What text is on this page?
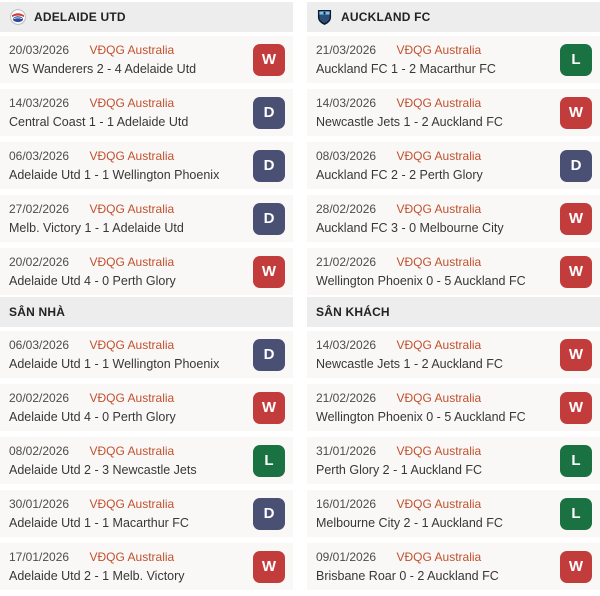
ADELAIDE UTD
20/03/2026 VĐQG Australia
WS Wanderers 2 - 4 Adelaide Utd
W
14/03/2026 VĐQG Australia
Central Coast 1 - 1 Adelaide Utd
D
06/03/2026 VĐQG Australia
Adelaide Utd 1 - 1 Wellington Phoenix
D
27/02/2026 VĐQG Australia
Melb. Victory 1 - 1 Adelaide Utd
D
20/02/2026 VĐQG Australia
Adelaide Utd 4 - 0 Perth Glory
W
SÂN NHÀ
06/03/2026 VĐQG Australia
Adelaide Utd 1 - 1 Wellington Phoenix
D
20/02/2026 VĐQG Australia
Adelaide Utd 4 - 0 Perth Glory
W
08/02/2026 VĐQG Australia
Adelaide Utd 2 - 3 Newcastle Jets
L
30/01/2026 VĐQG Australia
Adelaide Utd 1 - 1 Macarthur FC
D
17/01/2026 VĐQG Australia
Adelaide Utd 2 - 1 Melb. Victory
W
AUCKLAND FC
21/03/2026 VĐQG Australia
Auckland FC 1 - 2 Macarthur FC
L
14/03/2026 VĐQG Australia
Newcastle Jets 1 - 2 Auckland FC
W
08/03/2026 VĐQG Australia
Auckland FC 2 - 2 Perth Glory
D
28/02/2026 VĐQG Australia
Auckland FC 3 - 0 Melbourne City
W
21/02/2026 VĐQG Australia
Wellington Phoenix 0 - 5 Auckland FC
W
SÂN KHÁCH
14/03/2026 VĐQG Australia
Newcastle Jets 1 - 2 Auckland FC
W
21/02/2026 VĐQG Australia
Wellington Phoenix 0 - 5 Auckland FC
W
31/01/2026 VĐQG Australia
Perth Glory 2 - 1 Auckland FC
L
16/01/2026 VĐQG Australia
Melbourne City 2 - 1 Auckland FC
L
09/01/2026 VĐQG Australia
Brisbane Roar 0 - 2 Auckland FC
W
